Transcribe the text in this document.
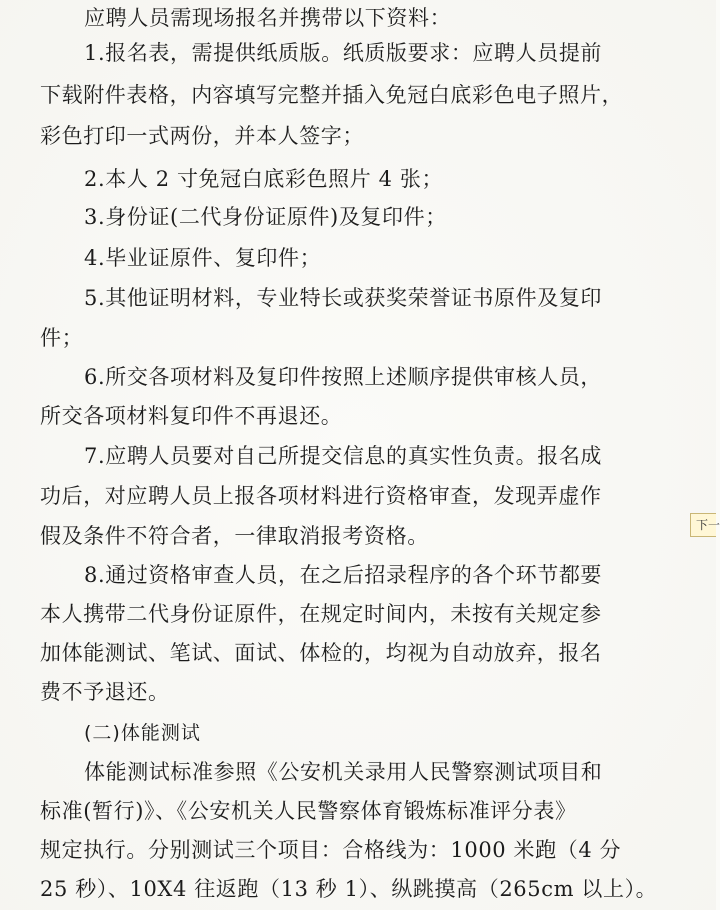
应聘人员需现场报名并携带以下资料：
1.报名表，需提供纸质版。纸质版要求：应聘人员提前
下载附件表格，内容填写完整并插入免冠白底彩色电子照片，
彩色打印一式两份，并本人签字；
2.本人 2 寸免冠白底彩色照片 4 张；
3.身份证(二代身份证原件)及复印件；
4.毕业证原件、复印件；
5.其他证明材料，专业特长或获奖荣誉证书原件及复印
件；
6.所交各项材料及复印件按照上述顺序提供审核人员，
所交各项材料复印件不再退还。
7.应聘人员要对自己所提交信息的真实性负责。报名成
功后，对应聘人员上报各项材料进行资格审查，发现弄虚作
假及条件不符合者，一律取消报考资格。
8.通过资格审查人员，在之后招录程序的各个环节都要
本人携带二代身份证原件，在规定时间内，未按有关规定参
加体能测试、笔试、面试、体检的，均视为自动放弃，报名
费不予退还。
(二)体能测试
体能测试标准参照《公安机关录用人民警察测试项目和
标准(暂行)》、《公安机关人民警察体育锻炼标准评分表》
规定执行。分别测试三个项目：合格线为：1000 米跑（4 分
25 秒）、10X4 往返跑（13 秒 1）、纵跳摸高（265cm 以上）。
下一
